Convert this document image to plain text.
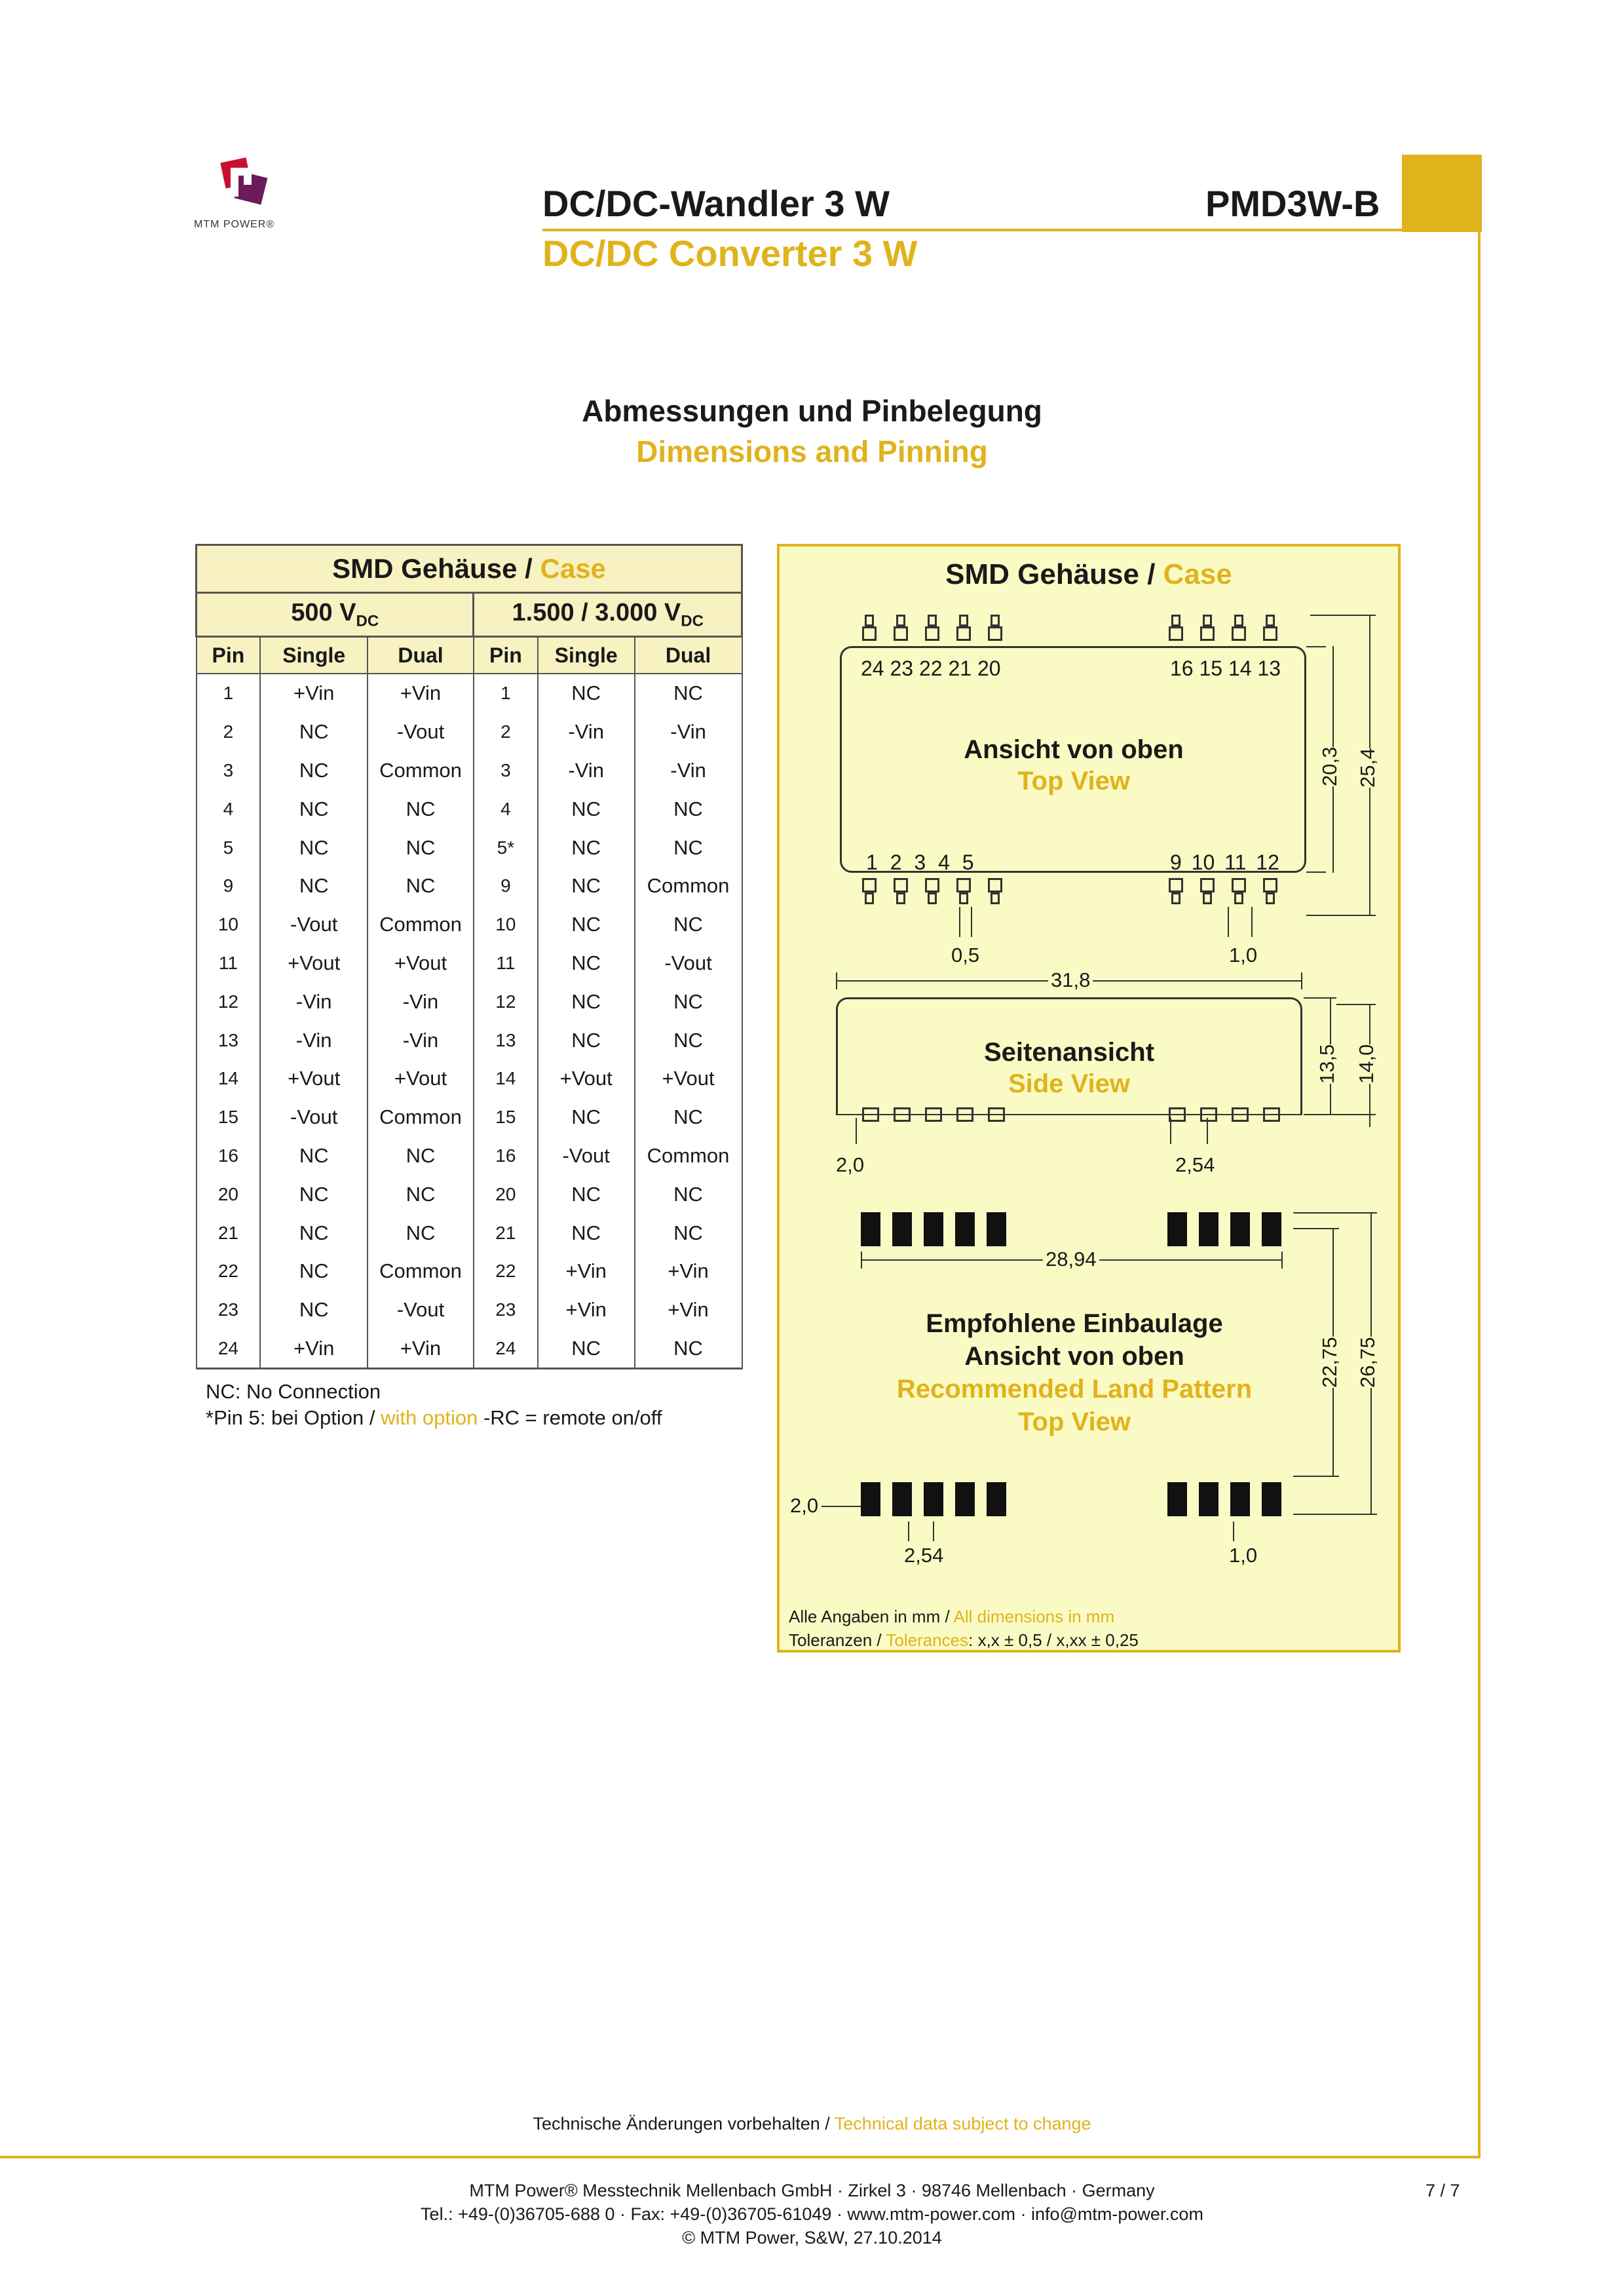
MTM POWER®
DC/DC-Wandler 3 W	PMD3W-B
DC/DC Converter 3 W
Abmessungen und Pinbelegung
Dimensions and Pinning
SMD Gehäuse / Case					
500 $V_{DC}$			1.500 / 3.000 $V_{DC}$
Pin	Single	Dual	Pin	Single	Dual
1	+Vin	+Vin	1	NC	NC
2	NC	-Vout	2	-Vin	-Vin
3	NC	Common	3	-Vin	-Vin
4	NC	NC	4	NC	NC
5	NC	NC	5*	NC	NC
9	NC	NC	9	NC	Common
10	-Vout	Common	10	NC	NC
11	+Vout	+Vout	11	NC	-Vout
12	-Vin	-Vin	12	NC	NC
13	-Vin	-Vin	13	NC	NC
14	+Vout	+Vout	14	+Vout	+Vout
15	-Vout	Common	15	NC	NC
16	NC	NC	16	-Vout	Common
20	NC	NC	20	NC	NC
21	NC	NC	21	NC	NC
22	NC	Common	22	+Vin	+Vin
23	NC	-Vout	23	+Vin	+Vin
24	+Vin	+Vin	24	NC	NC
NC: No Connection
*Pin 5: bei Option / with option -RC = remote on/off
SMD Gehäuse / Case
24 23 22 21 20	16 15 14 13
1 2 3 4 5	9 10 11 12
Ansicht von oben
Top View	20,3 25,4
0,5	1,0
31,8
Seitenansicht
Side View	13,5 14,0
2,0	2,54
28,94
Empfohlene Einbaulage
Ansicht von oben
Recommended Land Pattern
Top View
22,75 26,75
2,0
2,54	1,0
Alle Angaben in mm / All dimensions in mm
Toleranzen / Tolerances: x,x ± 0,5 / x,xx ± 0,25
Technische Änderungen vorbehalten / Technical data subject to change
MTM Power® Messtechnik Mellenbach GmbH · Zirkel 3 · 98746 Mellenbach · Germany
Tel.: +49-(0)36705-688 0 · Fax: +49-(0)36705-61049 · www.mtm-power.com · info@mtm-power.com
© MTM Power, S&W, 27.10.2014
7 / 7
